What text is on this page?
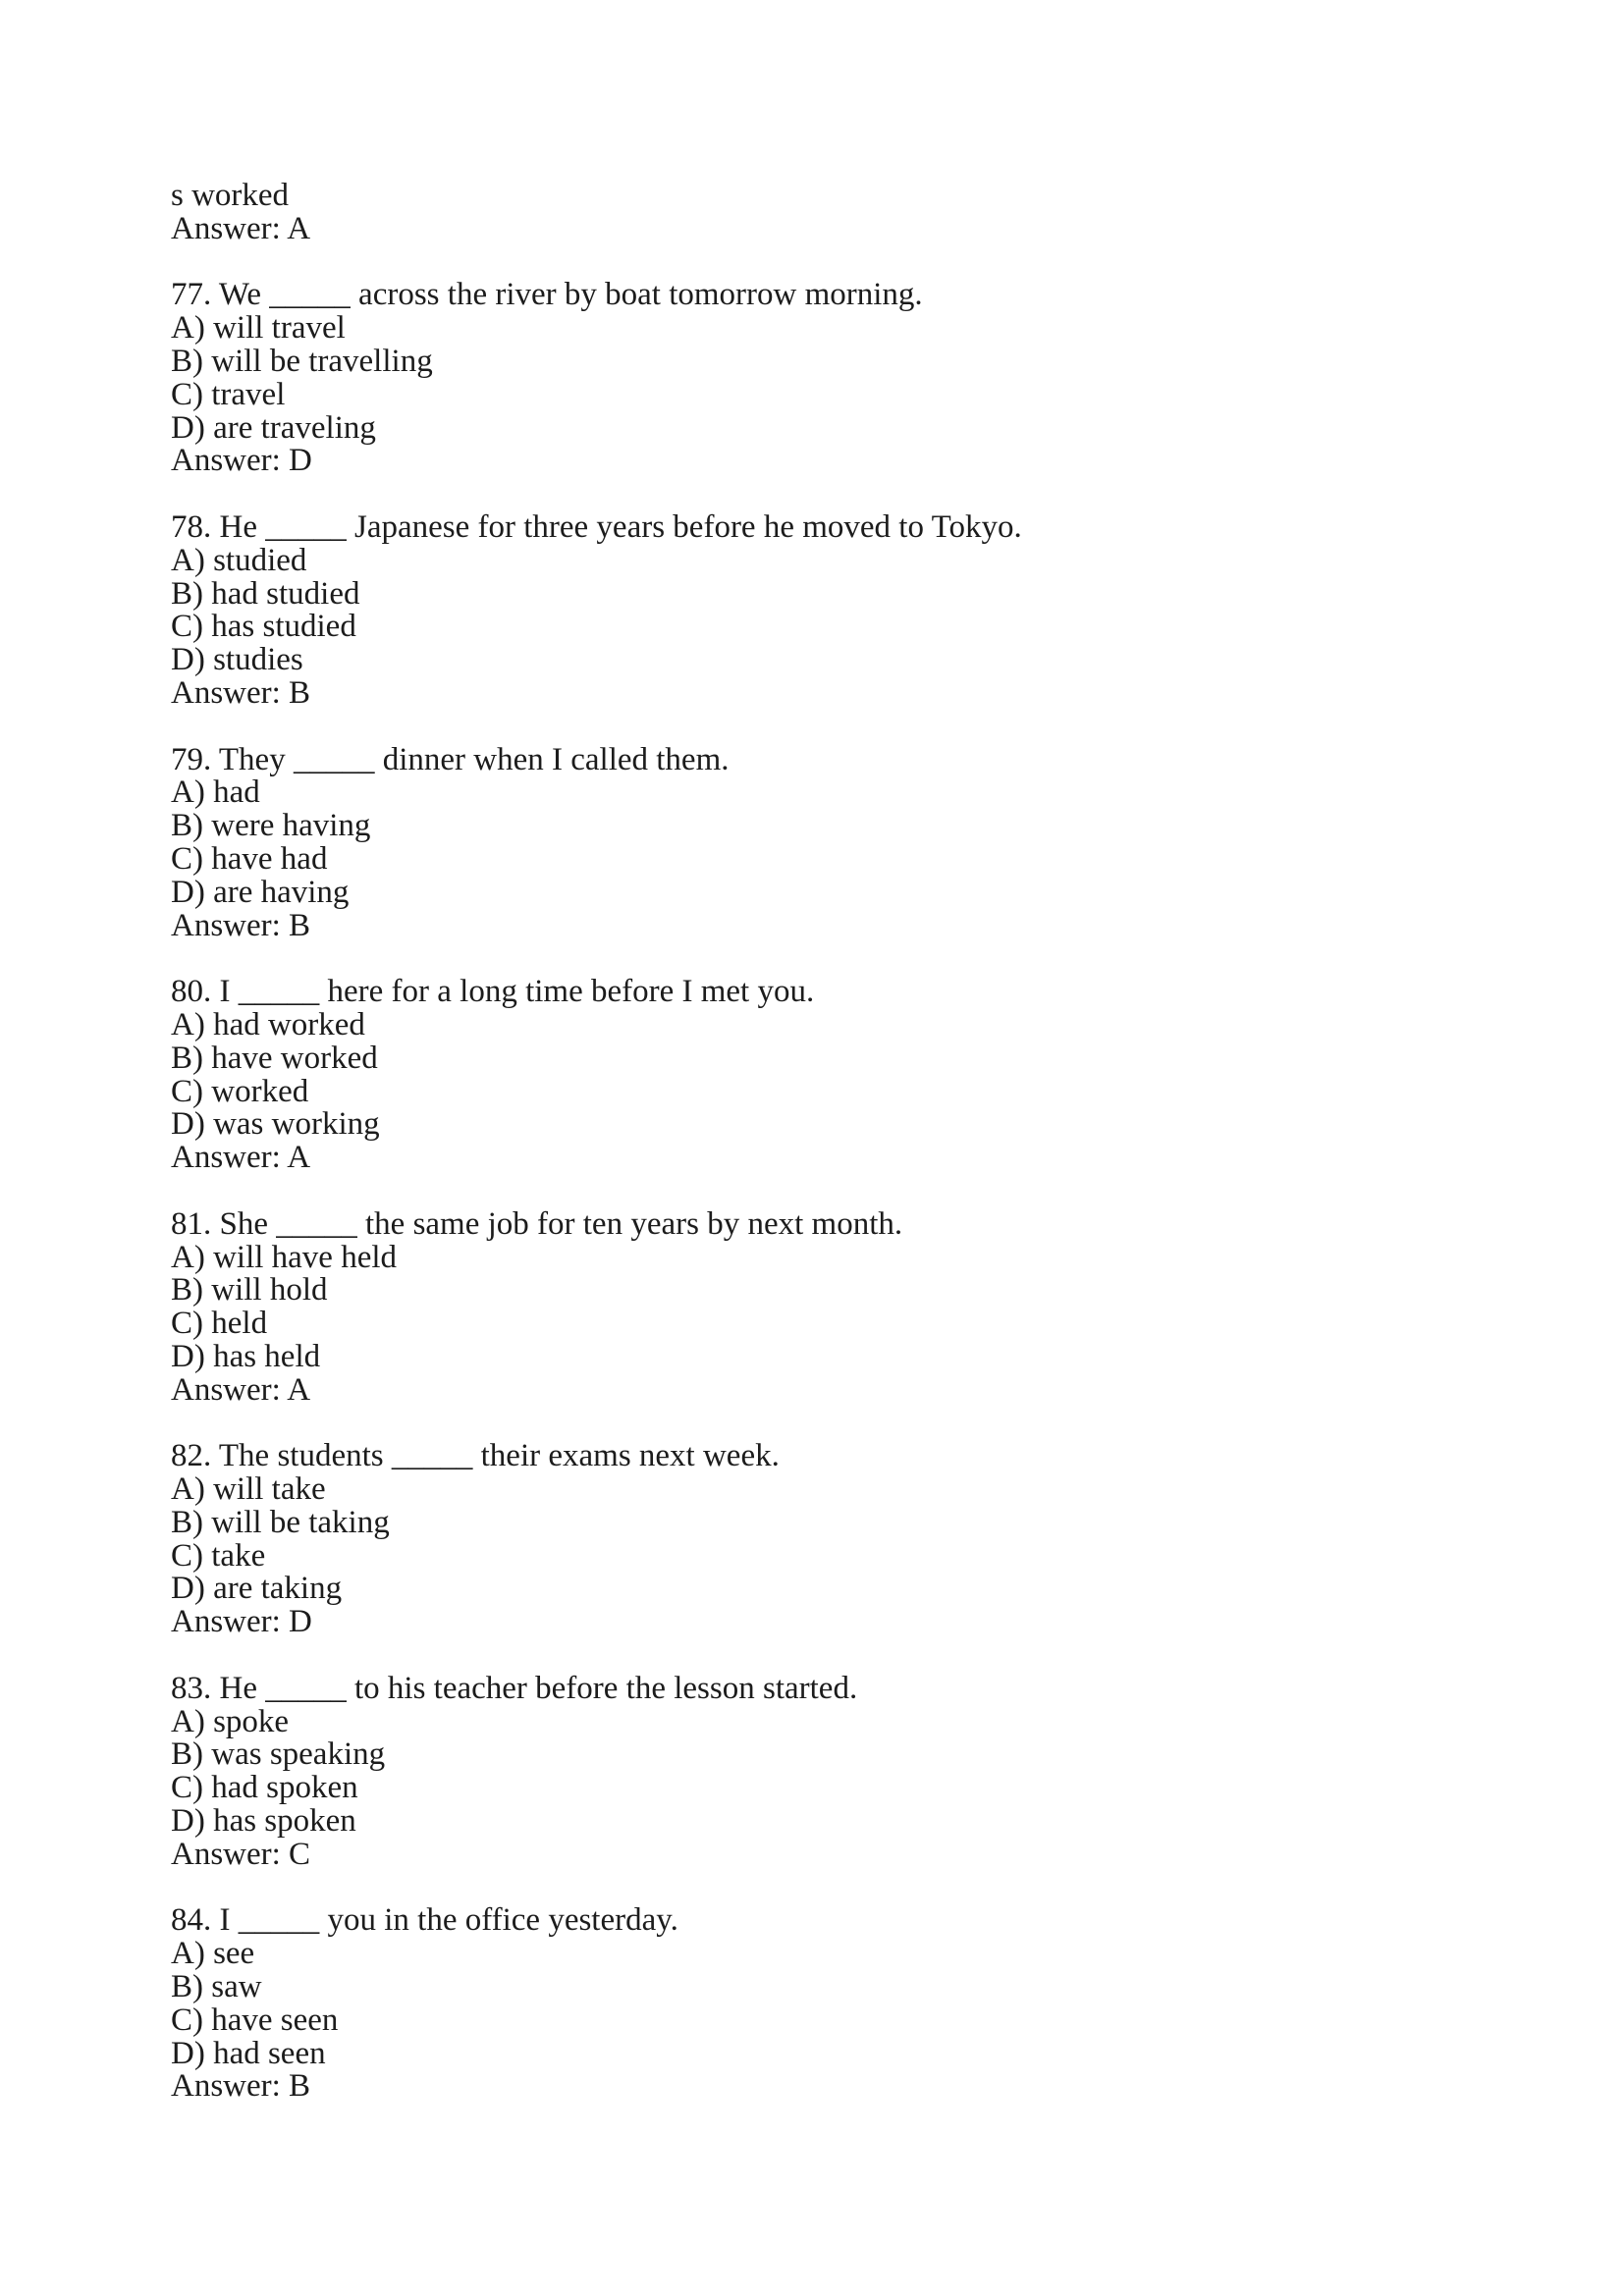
s worked
Answer: A
77. We _____ across the river by boat tomorrow morning.
A) will travel
B) will be travelling
C) travel
D) are traveling
Answer: D
78. He _____ Japanese for three years before he moved to Tokyo.
A) studied
B) had studied
C) has studied
D) studies
Answer: B
79. They _____ dinner when I called them.
A) had
B) were having
C) have had
D) are having
Answer: B
80. I _____ here for a long time before I met you.
A) had worked
B) have worked
C) worked
D) was working
Answer: A
81. She _____ the same job for ten years by next month.
A) will have held
B) will hold
C) held
D) has held
Answer: A
82. The students _____ their exams next week.
A) will take
B) will be taking
C) take
D) are taking
Answer: D
83. He _____ to his teacher before the lesson started.
A) spoke
B) was speaking
C) had spoken
D) has spoken
Answer: C
84. I _____ you in the office yesterday.
A) see
B) saw
C) have seen
D) had seen
Answer: B
